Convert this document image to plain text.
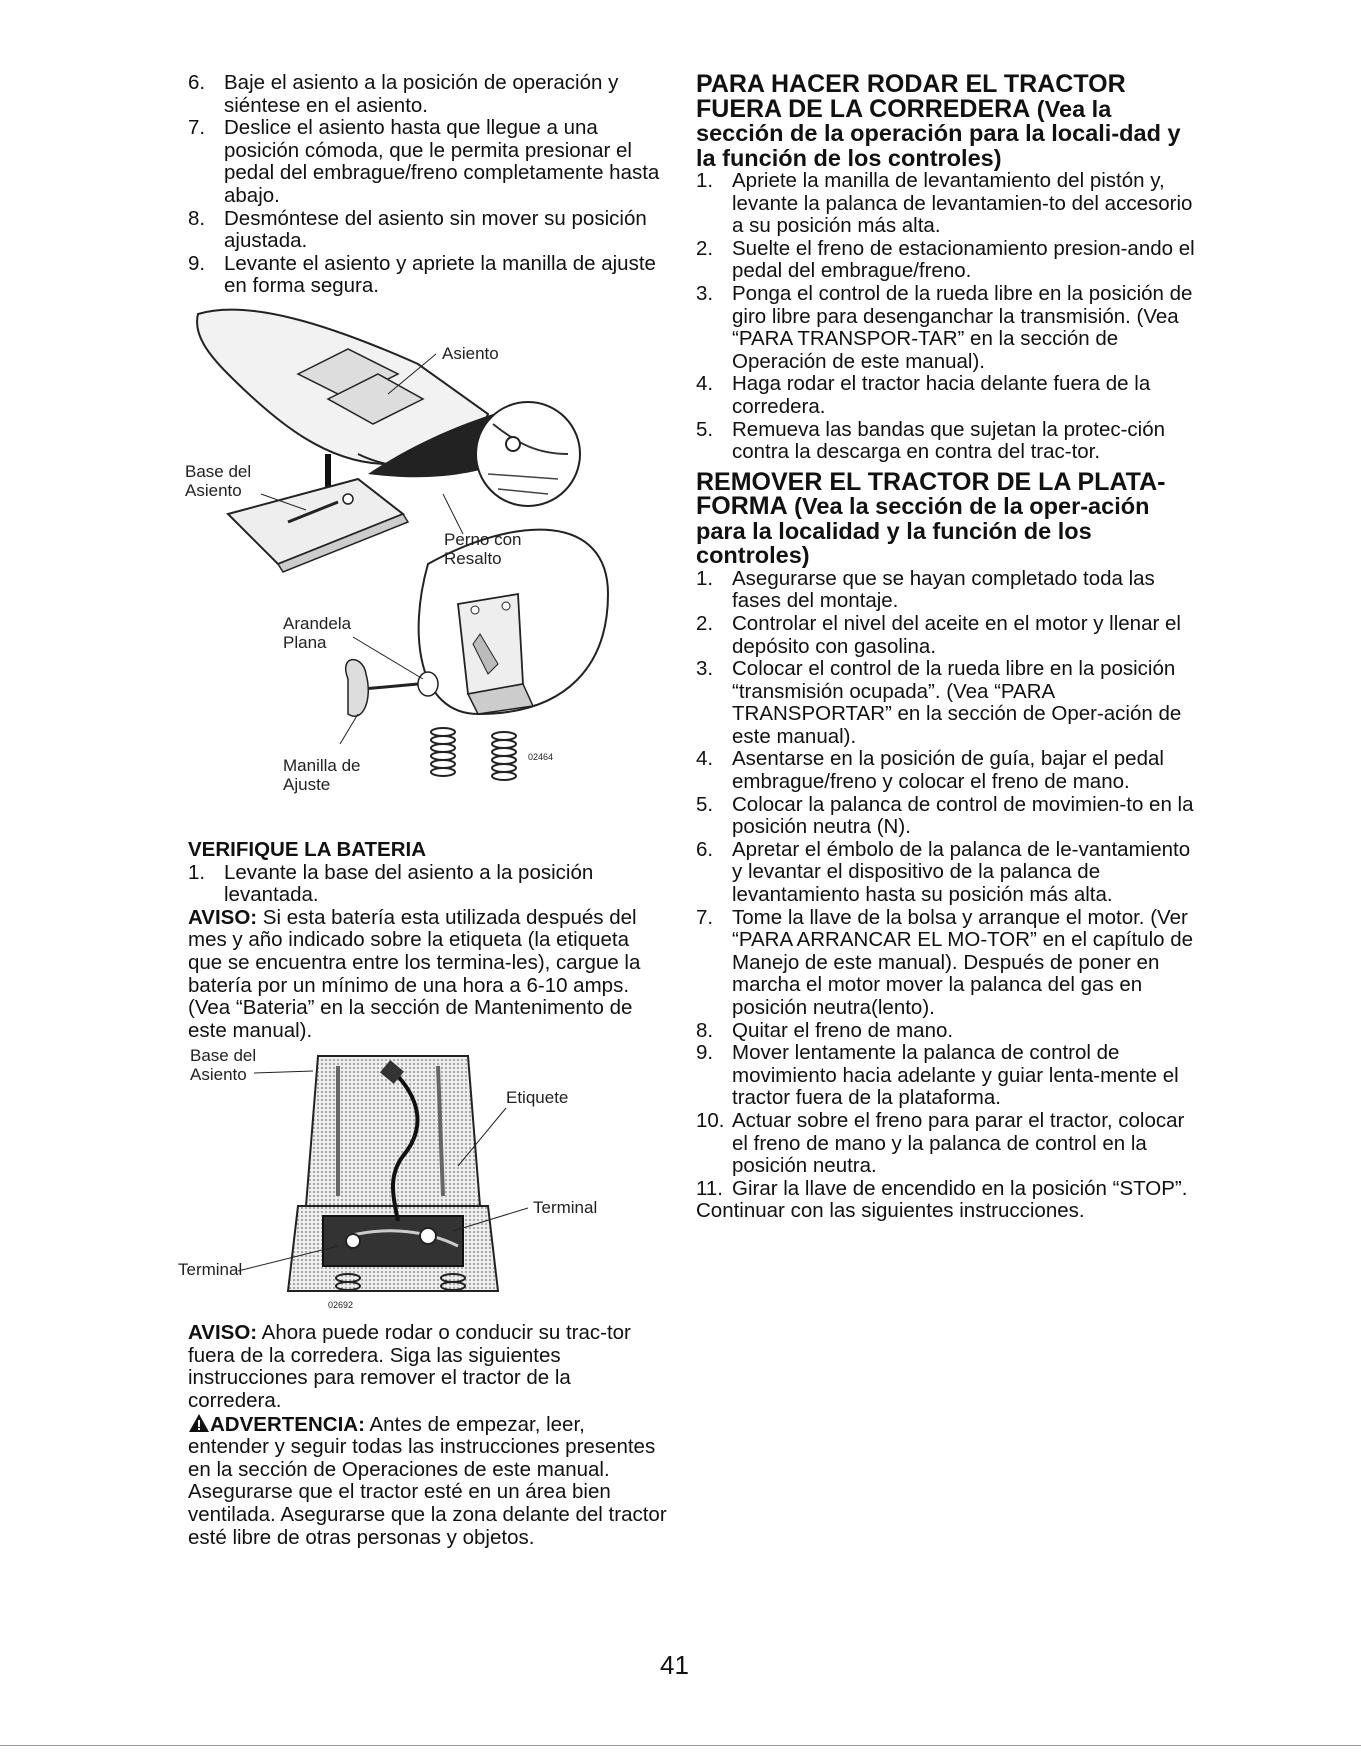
6. Baje el asiento a la posición de operación y siéntese en el asiento.
7. Deslice el asiento hasta que llegue a una posición cómoda, que le permita presionar el pedal del embrague/freno completamente hasta abajo.
8. Desmóntese del asiento sin mover su posición ajustada.
9. Levante el asiento y apriete la manilla de ajuste en forma segura.
Asiento
Base del
Asiento
Perno con
Resalto
Arandela
Plana
Manilla de
Ajuste
02464
VERIFIQUE LA BATERIA
1. Levante la base del asiento a la posición levantada.

AVISO: Si esta batería esta utilizada después del mes y año indicado sobre la etiqueta (la etiqueta que se encuentra entre los termina-les), cargue la batería por un mínimo de una hora a 6-10 amps. (Vea “Bateria” en la sección de Mantenimento de este manual).

Base del
Asiento
Etiquete
Terminal
Terminal
02692

AVISO: Ahora puede rodar o conducir su trac-tor fuera de la corredera. Siga las siguientes instrucciones para remover el tractor de la corredera.

ADVERTENCIA: Antes de empezar, leer, entender y seguir todas las instrucciones presentes en la sección de Operaciones de este manual. Asegurarse que el tractor esté en un área bien ventilada. Asegurarse que la zona delante del tractor esté libre de otras personas y objetos.

PARA HACER RODAR EL TRACTOR
FUERA DE LA CORREDERA (Vea la sección de la operación para la locali-dad y la función de los controles)
1. Apriete la manilla de levantamiento del pistón y, levante la palanca de levantamien-to del accesorio a su posición más alta.
2. Suelte el freno de estacionamiento presion-ando el pedal del embrague/freno.
3. Ponga el control de la rueda libre en la posición de giro libre para desenganchar la transmisión. (Vea “PARA TRANSPOR-TAR” en la sección de Operación de este manual).
4. Haga rodar el tractor hacia delante fuera de la corredera.
5. Remueva las bandas que sujetan la protec-ción contra la descarga en contra del trac-tor.
REMOVER EL TRACTOR DE LA PLATA-
FORMA (Vea la sección de la oper-ación para la localidad y la función de los controles)
1. Asegurarse que se hayan completado toda las fases del montaje.
2. Controlar el nivel del aceite en el motor y llenar el depósito con gasolina.
3. Colocar el control de la rueda libre en la posición “transmisión ocupada”. (Vea “PARA TRANSPORTAR” en la sección de Oper-ación de este manual).
4. Asentarse en la posición de guía, bajar el pedal embrague/freno y colocar el freno de mano.
5. Colocar la palanca de control de movimien-to en la posición neutra (N).
6. Apretar el émbolo de la palanca de le-vantamiento y levantar el dispositivo de la palanca de levantamiento hasta su posición más alta.
7. Tome la llave de la bolsa y arranque el motor. (Ver “PARA ARRANCAR EL MO-TOR” en el capítulo de Manejo de este manual). Después de poner en marcha el motor mover la palanca del gas en posición neutra(lento).
8. Quitar el freno de mano.
9. Mover lentamente la palanca de control de movimiento hacia adelante y guiar lenta-mente el tractor fuera de la plataforma.
10. Actuar sobre el freno para parar el tractor, colocar el freno de mano y la palanca de control en la posición neutra.
11. Girar la llave de encendido en la posición “STOP”.

Continuar con las siguientes instrucciones.

41
